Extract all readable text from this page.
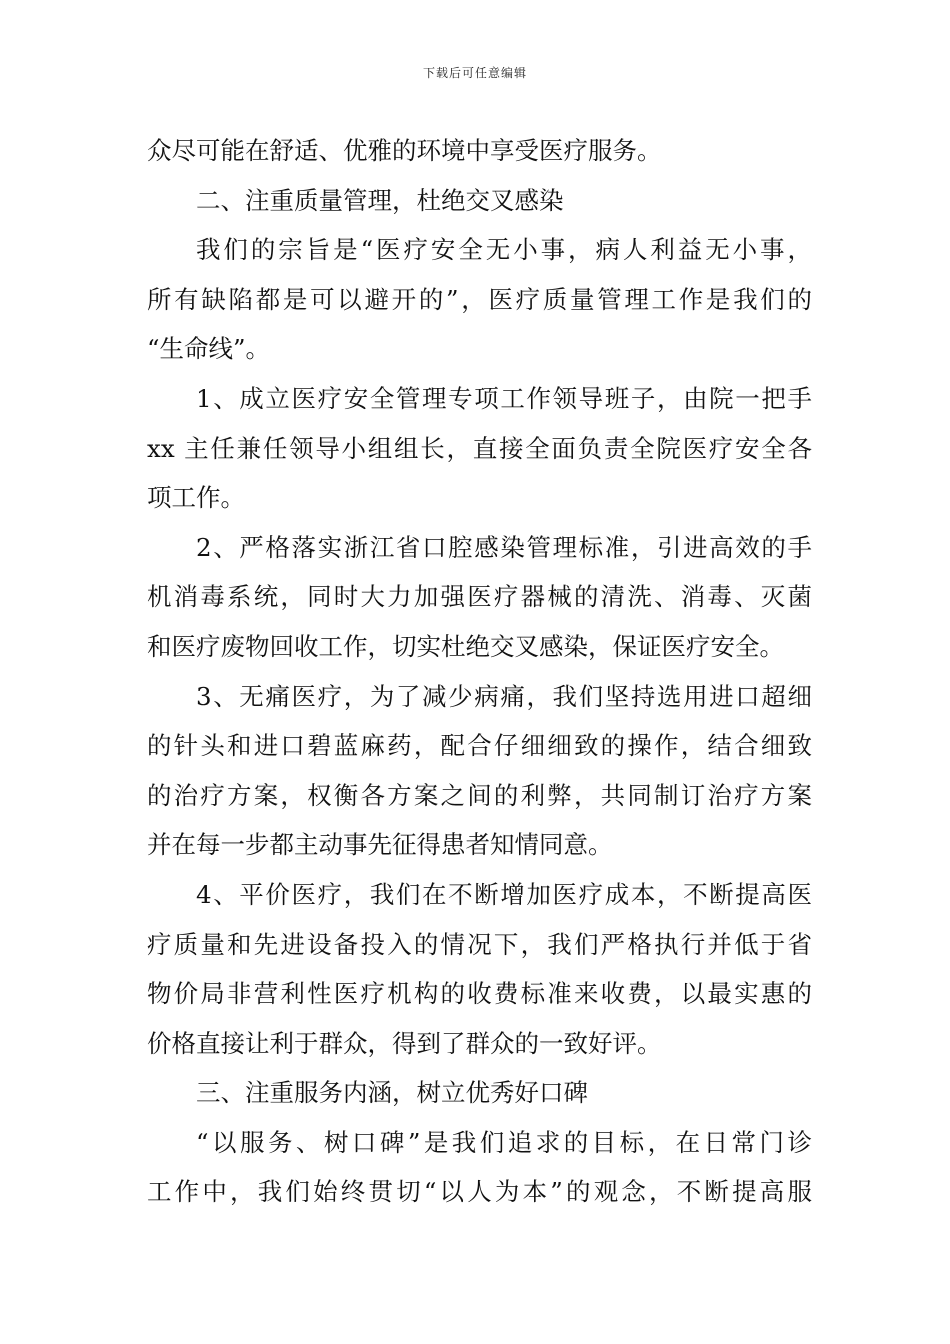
下载后可任意编辑
众尽可能在舒适、优雅的环境中享受医疗服务。
二、注重质量管理，杜绝交叉感染
我们的宗旨是“医疗安全无小事，病人利益无小事，
所有缺陷都是可以避开的”，医疗质量管理工作是我们的
“生命线”。
1、成立医疗安全管理专项工作领导班子，由院一把手
xx 主任兼任领导小组组长，直接全面负责全院医疗安全各
项工作。
2、严格落实浙江省口腔感染管理标准，引进高效的手
机消毒系统，同时大力加强医疗器械的清洗、消毒、灭菌
和医疗废物回收工作，切实杜绝交叉感染，保证医疗安全。
3、无痛医疗，为了减少病痛，我们坚持选用进口超细
的针头和进口碧蓝麻药，配合仔细细致的操作，结合细致
的治疗方案，权衡各方案之间的利弊，共同制订治疗方案
并在每一步都主动事先征得患者知情同意。
4、平价医疗，我们在不断增加医疗成本，不断提高医
疗质量和先进设备投入的情况下，我们严格执行并低于省
物价局非营利性医疗机构的收费标准来收费，以最实惠的
价格直接让利于群众，得到了群众的一致好评。
三、注重服务内涵，树立优秀好口碑
“以服务、树口碑”是我们追求的目标，在日常门诊
工作中，我们始终贯切“以人为本”的观念，不断提高服
